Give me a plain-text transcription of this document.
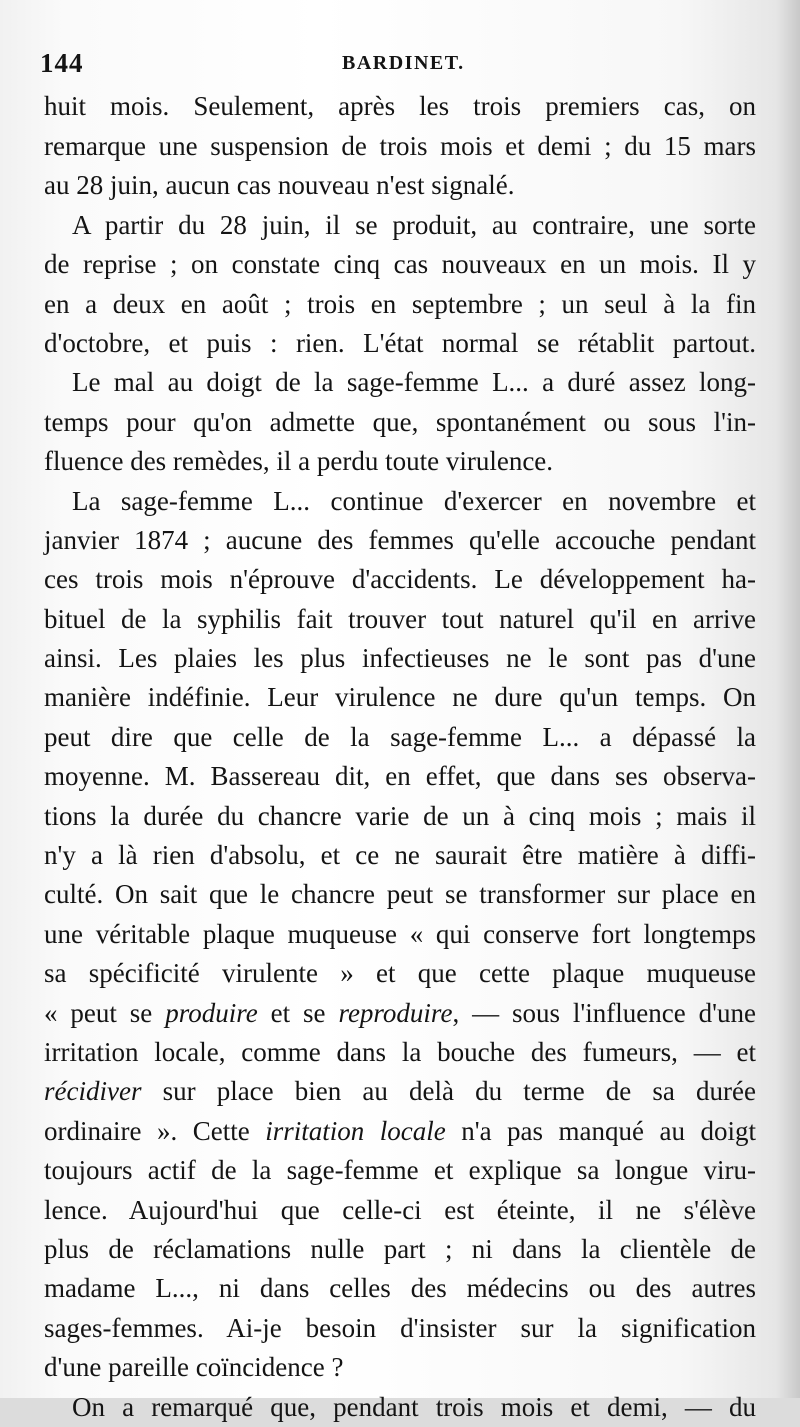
144	BARDINET.
huit mois. Seulement, après les trois premiers cas, on
remarque une suspension de trois mois et demi ; du 15 mars
au 28 juin, aucun cas nouveau n'est signalé.
A partir du 28 juin, il se produit, au contraire, une sorte
de reprise ; on constate cinq cas nouveaux en un mois. Il y
en a deux en août ; trois en septembre ; un seul à la fin
d'octobre, et puis : rien. L'état normal se rétablit partout.
Le mal au doigt de la sage-femme L... a duré assez long-
temps pour qu'on admette que, spontanément ou sous l'in-
fluence des remèdes, il a perdu toute virulence.
La sage-femme L... continue d'exercer en novembre et
janvier 1874 ; aucune des femmes qu'elle accouche pendant
ces trois mois n'éprouve d'accidents. Le développement ha-
bituel de la syphilis fait trouver tout naturel qu'il en arrive
ainsi. Les plaies les plus infectieuses ne le sont pas d'une
manière indéfinie. Leur virulence ne dure qu'un temps. On
peut dire que celle de la sage-femme L... a dépassé la
moyenne. M. Bassereau dit, en effet, que dans ses observa-
tions la durée du chancre varie de un à cinq mois ; mais il
n'y a là rien d'absolu, et ce ne saurait être matière à diffi-
culté. On sait que le chancre peut se transformer sur place en
une véritable plaque muqueuse « qui conserve fort longtemps
sa spécificité virulente » et que cette plaque muqueuse
« peut se produire et se reproduire, — sous l'influence d'une
irritation locale, comme dans la bouche des fumeurs, — et
récidiver sur place bien au delà du terme de sa durée
ordinaire ». Cette irritation locale n'a pas manqué au doigt
toujours actif de la sage-femme et explique sa longue viru-
lence. Aujourd'hui que celle-ci est éteinte, il ne s'élève
plus de réclamations nulle part ; ni dans la clientèle de
madame L..., ni dans celles des médecins ou des autres
sages-femmes. Ai-je besoin d'insister sur la signification
d'une pareille coïncidence ?
On a remarqué que, pendant trois mois et demi, — du
